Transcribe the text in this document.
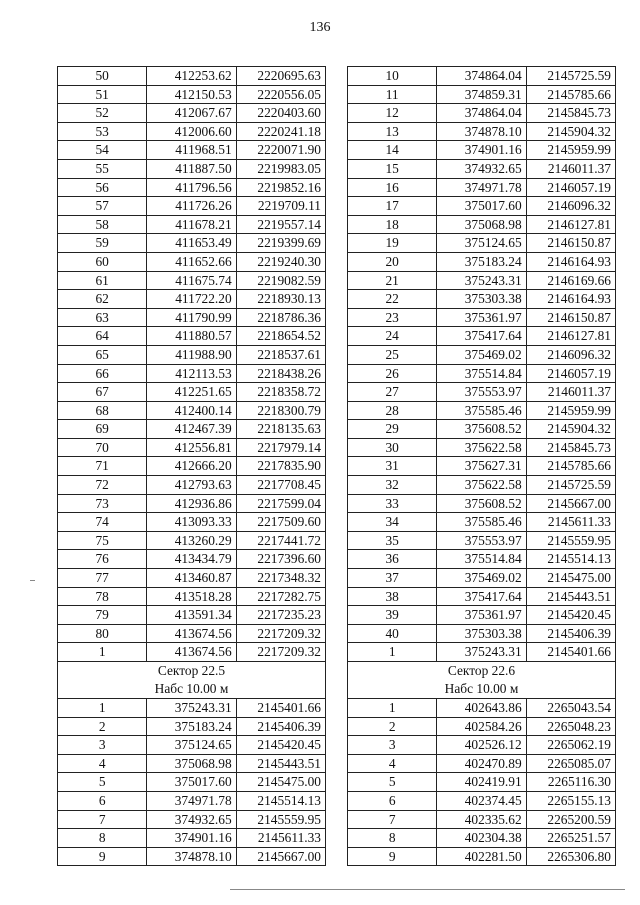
136
50	412253.62	2220695.63
51	412150.53	2220556.05
52	412067.67	2220403.60
53	412006.60	2220241.18
54	411968.51	2220071.90
55	411887.50	2219983.05
56	411796.56	2219852.16
57	411726.26	2219709.11
58	411678.21	2219557.14
59	411653.49	2219399.69
60	411652.66	2219240.30
61	411675.74	2219082.59
62	411722.20	2218930.13
63	411790.99	2218786.36
64	411880.57	2218654.52
65	411988.90	2218537.61
66	412113.53	2218438.26
67	412251.65	2218358.72
68	412400.14	2218300.79
69	412467.39	2218135.63
70	412556.81	2217979.14
71	412666.20	2217835.90
72	412793.63	2217708.45
73	412936.86	2217599.04
74	413093.33	2217509.60
75	413260.29	2217441.72
76	413434.79	2217396.60
77	413460.87	2217348.32
78	413518.28	2217282.75
79	413591.34	2217235.23
80	413674.56	2217209.32
1	413674.56	2217209.32

Сектор 22.5
Набс 10.00 м		

1	375243.31	2145401.66
2	375183.24	2145406.39
3	375124.65	2145420.45
4	375068.98	2145443.51
5	375017.60	2145475.00
6	374971.78	2145514.13
7	374932.65	2145559.95
8	374901.16	2145611.33
9	374878.10	2145667.00
10	374864.04	2145725.59
11	374859.31	2145785.66
12	374864.04	2145845.73
13	374878.10	2145904.32
14	374901.16	2145959.99
15	374932.65	2146011.37
16	374971.78	2146057.19
17	375017.60	2146096.32
18	375068.98	2146127.81
19	375124.65	2146150.87
20	375183.24	2146164.93
21	375243.31	2146169.66
22	375303.38	2146164.93
23	375361.97	2146150.87
24	375417.64	2146127.81
25	375469.02	2146096.32
26	375514.84	2146057.19
27	375553.97	2146011.37
28	375585.46	2145959.99
29	375608.52	2145904.32
30	375622.58	2145845.73
31	375627.31	2145785.66
32	375622.58	2145725.59
33	375608.52	2145667.00
34	375585.46	2145611.33
35	375553.97	2145559.95
36	375514.84	2145514.13
37	375469.02	2145475.00
38	375417.64	2145443.51
39	375361.97	2145420.45
40	375303.38	2145406.39
1	375243.31	2145401.66

Сектор 22.6
Набс 10.00 м		

1	402643.86	2265043.54
2	402584.26	2265048.23
3	402526.12	2265062.19
4	402470.89	2265085.07
5	402419.91	2265116.30
6	402374.45	2265155.13
7	402335.62	2265200.59
8	402304.38	2265251.57
9	402281.50	2265306.80
